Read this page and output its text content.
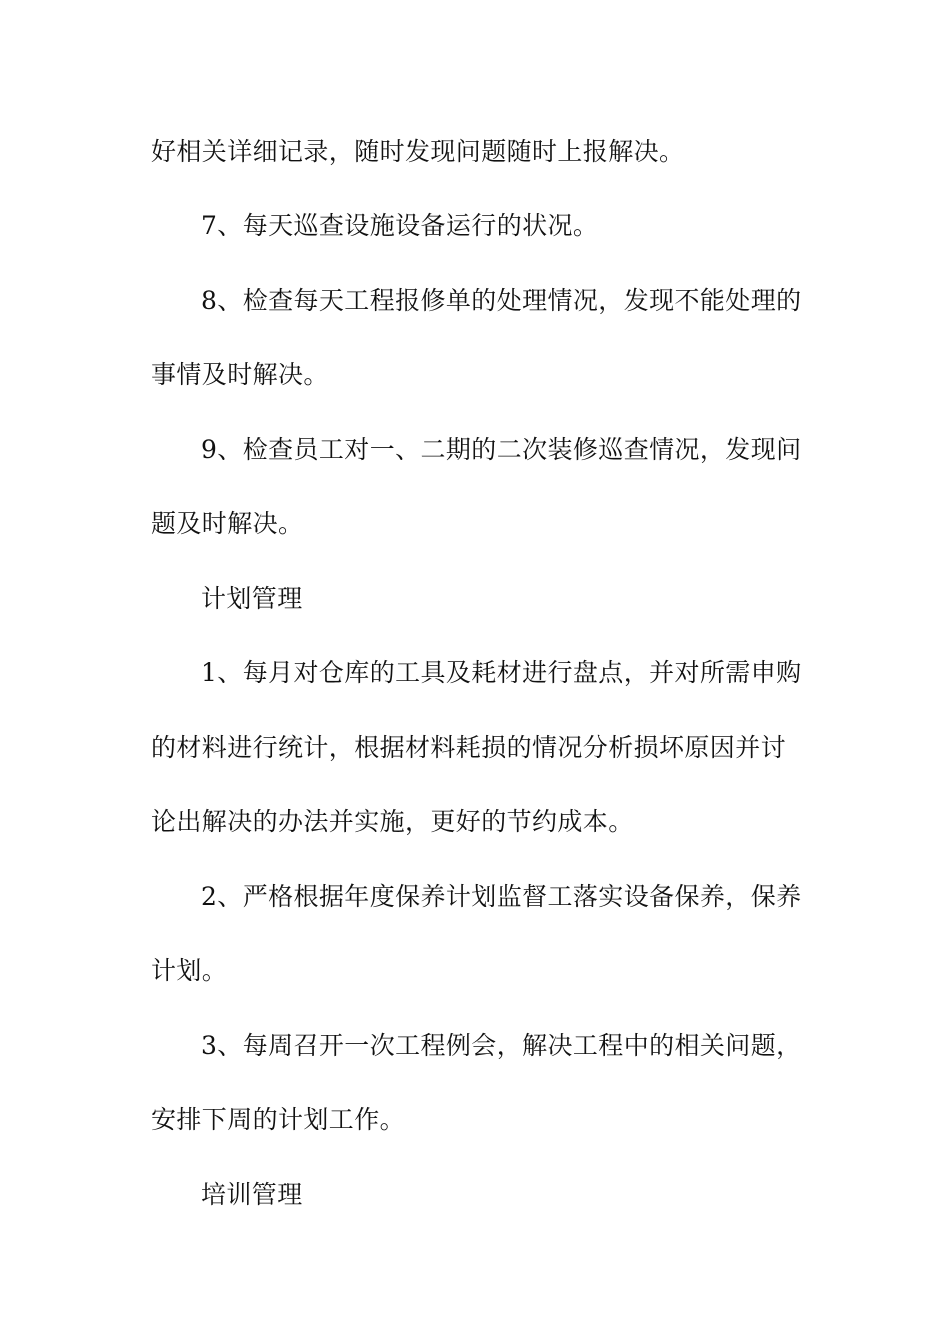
好相关详细记录，随时发现问题随时上报解决。
7、每天巡查设施设备运行的状况。
8、检查每天工程报修单的处理情况，发现不能处理的
事情及时解决。
9、检查员工对一、二期的二次装修巡查情况，发现问
题及时解决。
计划管理
1、每月对仓库的工具及耗材进行盘点，并对所需申购
的材料进行统计，根据材料耗损的情况分析损坏原因并讨
论出解决的办法并实施，更好的节约成本。
2、严格根据年度保养计划监督工落实设备保养，保养
计划。
3、每周召开一次工程例会，解决工程中的相关问题，
安排下周的计划工作。
培训管理
